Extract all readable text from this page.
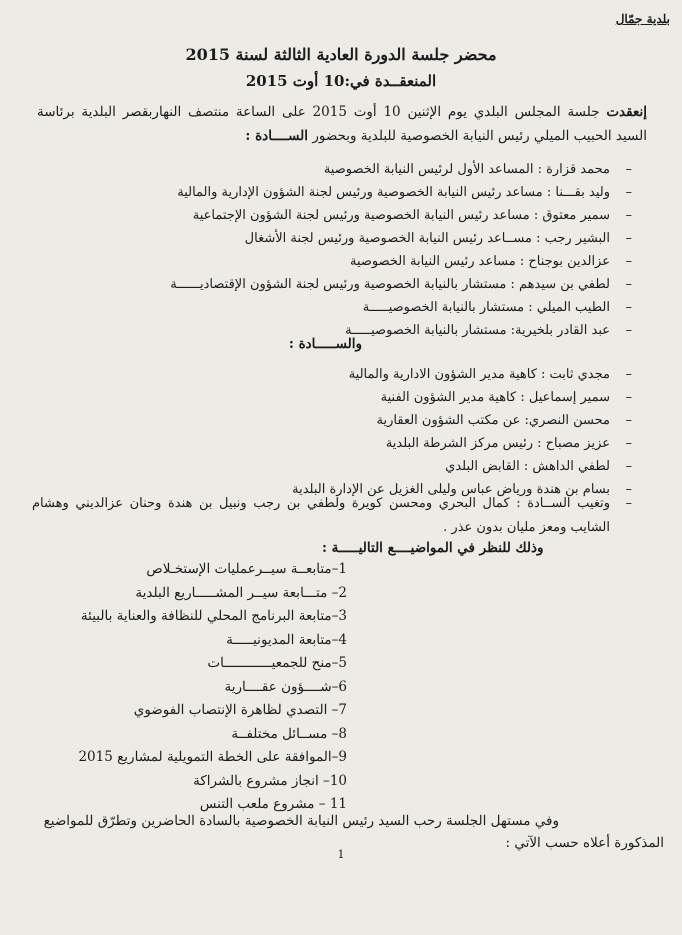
بلدية جمّال
محضر جلسة الدورة العادية الثالثة لسنة 2015
المنعقــدة في:10 أوت 2015
إنعقدت جلسة المجلس البلدي يوم الإثنين 10 أوت 2015 على الساعة منتصف النهاربقصر البلدية برئاسة السيد الحبيب الميلي رئيس النيابة الخصوصية للبلدية وبحضور الســــادة :
–
محمد قزارة : المساعد الأول لرئيس النيابة الخصوصية
–
وليد بقـــنا : مساعد رئيس النيابة الخصوصية ورئيس لجنة الشؤون الإدارية والمالية
–
سمير معتوق : مساعد رئيس النيابة الخصوصية ورئيس لجنة الشؤون الإجتماعية
–
البشير رجب : مســاعد رئيس النيابة الخصوصية ورئيس لجنة الأشغال
–
عزالدين بوجناح : مساعد رئيس النيابة الخصوصية
–
لطفي بن سيدهم : مستشار بالنيابة الخصوصية ورئيس لجنة الشؤون الإقتصاديــــــة
–
الطيب الميلي : مستشار بالنيابة الخصوصيـــــة
–
عبد القادر بلخيرية: مستشار بالنيابة الخصوصيـــــة
والســـــادة :
–
مجدي ثابت : كاهية مدير الشؤون الادارية والمالية
–
سمير إسماعيل : كاهية مدير الشؤون الفنية
–
محسن النصري: عن مكتب الشؤون العقارية
–
عزيز مصباح : رئيس مركز الشرطة البلدية
–
لطفي الداهش : القابض البلدي
–
بسام بن هندة ورياض عباس وليلى الغزيل عن الإدارة البلدية
–
وتغيب الســادة : كمال البحري ومحسن كويرة ولطفي بن رجب ونبيل بن هندة وحنان عزالديني وهشام الشايب ومعز مليان بدون عذر .
وذلك للنظر في المواضيــــع التاليـــــة :
1–متابعــة سيــرعمليات الإستخـلاص
2– متـــابعة سيــر المشـــــاريع البلدية
3–متابعة البرنامج المحلي للنظافة والعناية بالبيئة
4–متابعة المديونيـــــة
5–منح للجمعيــــــــــــات
6–شــــؤون عقــــارية
7– التصدي لظاهرة الإنتصاب الفوضوي
8– مســائل مختلفــة
9–الموافقة على الخطة التمويلية لمشاريع 2015
10– انجاز مشروع بالشراكة
11 – مشروع ملعب التنس
وفي مستهل الجلسة رحب السيد رئيس النيابة الخصوصية بالسادة الحاضرين وتطرّق للمواضيع
المذكورة أعلاه حسب الآتي :
1
